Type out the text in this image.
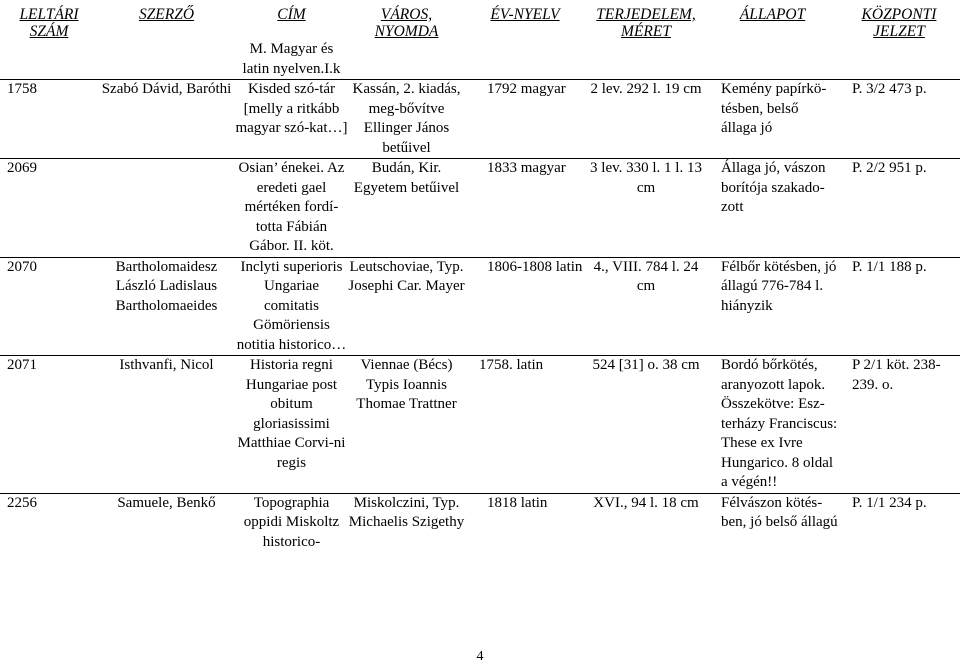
LELTÁRI SZÁM	SZERZŐ	CÍM	VÁROS, NYOMDA	ÉV-NYELV	TERJEDELEM, MÉRET	ÁLLAPOT	KÖZPONTI JELZET
		M. Magyar és latin nyelven.I.k					
1758	Szabó Dávid, Baróthi	Kisded szó-tár [melly a ritkább magyar szó-kat…]	Kassán, 2. kiadás, meg-bővítve Ellinger János betűivel	1792 magyar	2 lev. 292 l. 19 cm	Kemény papírkö-tésben, belső állaga jó	P. 3/2 473 p.
2069		Osian’ énekei. Az eredeti gael mértéken fordí-totta Fábián Gábor. II. köt.	Budán, Kir. Egyetem betűivel	1833 magyar	3 lev. 330 l. 1 l. 13 cm	Állaga jó, vászon borítója szakado-zott	P. 2/2 951 p.
2070	Bartholomaidesz László Ladislaus Bartholomaeides	Inclyti superioris Ungariae comitatis Gömöriensis notitia historico…	Leutschoviae, Typ. Josephi Car. Mayer	1806-1808 latin	4., VIII. 784 l. 24 cm	Félbőr kötésben, jó állagú 776-784 l. hiányzik	P. 1/1 188 p.
2071	Isthvanfi, Nicol	Historia regni Hungariae post obitum gloriasissimi Matthiae Corvi-ni regis	Viennae (Bécs) Typis Ioannis Thomae Trattner	1758. latin	524 [31] o. 38 cm	Bordó bőrkötés, aranyozott lapok. Összekötve: Esz-terházy Franciscus: These ex Ivre Hungarico. 8 oldal a végén!!	P 2/1 köt. 238-239. o.
2256	Samuele, Benkő	Topographia oppidi Miskoltz historico-	Miskolczini, Typ. Michaelis Szigethy	1818 latin	XVI., 94 l. 18 cm	Félvászon kötés-ben, jó belső állagú	P. 1/1 234 p.
4
